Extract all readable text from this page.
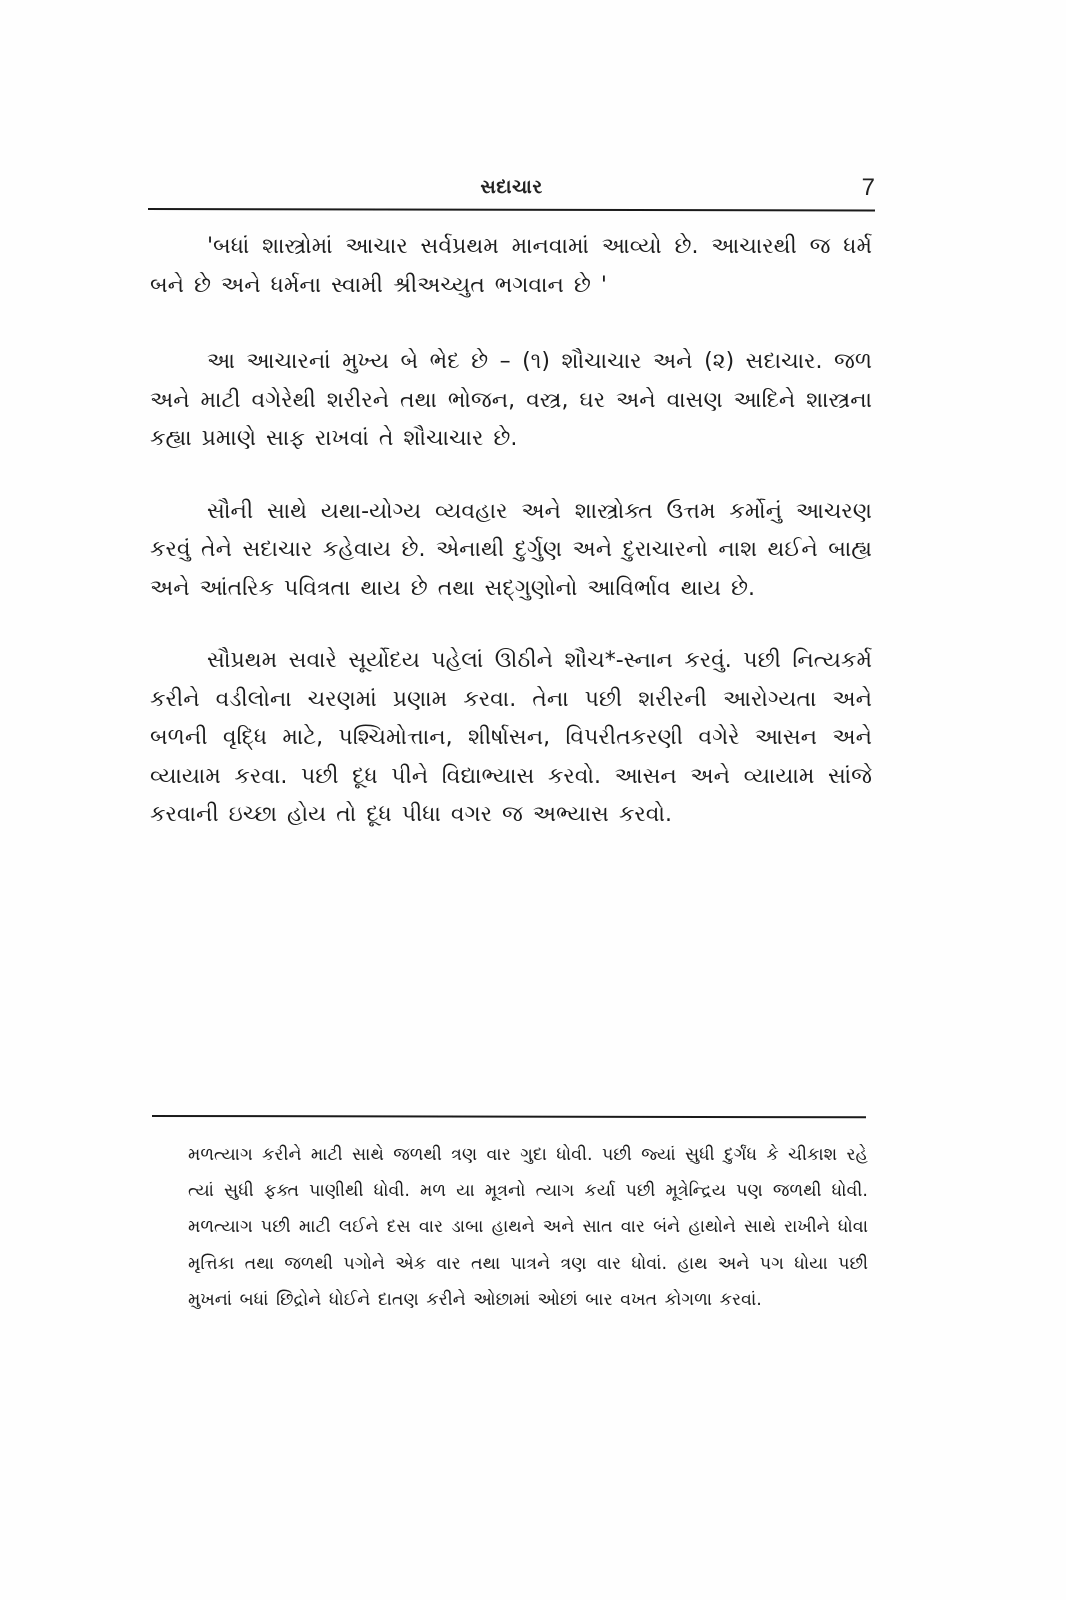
સદાચાર	7

'બધાં શાસ્ત્રોમાં આચાર સર્વપ્રથમ માનવામાં આવ્યો છે. આચારથી જ ધર્મ બને છે અને ધર્મના સ્વામી શ્રીઅચ્યુત ભગવાન છે '

આ આચારનાં મુખ્ય બે ભેદ છે – (૧) શૌચાચાર અને (૨) સદાચાર. જળ અને માટી વગેરેથી શરીરને તથા ભોજન, વસ્ત્ર, ઘર અને વાસણ આદિને શાસ્ત્રના કહ્યા પ્રમાણે સાફ રાખવાં તે શૌચાચાર છે.

સૌની સાથે યથા-યોગ્ય વ્યવહાર અને શાસ્ત્રોક્ત ઉત્તમ કર્મોનું આચરણ કરવું તેને સદાચાર કહેવાય છે. એનાથી દુર્ગુણ અને દુરાચારનો નાશ થઈને બાહ્ય અને આંતરિક પવિત્રતા થાય છે તથા સદ્‌ગુણોનો આવિર્ભાવ થાય છે.

સૌપ્રથમ સવારે સૂર્યોદય પહેલાં ઊઠીને શૌચ*-સ્નાન કરવું. પછી નિત્યકર્મ કરીને વડીલોના ચરણમાં પ્રણામ કરવા. તેના પછી શરીરની આરોગ્યતા અને બળની વૃદ્ધિ માટે, પશ્ચિમોત્તાન, શીર્ષાસન, વિપરીતકરણી વગેરે આસન અને વ્યાયામ કરવા. પછી દૂધ પીને વિદ્યાભ્યાસ કરવો. આસન અને વ્યાયામ સાંજે કરવાની ઇચ્છા હોય તો દૂધ પીધા વગર જ અભ્યાસ કરવો.

મળત્યાગ કરીને માટી સાથે જળથી ત્રણ વાર ગુદા ધોવી. પછી જ્યાં સુધી દુર્ગંધ કે ચીકાશ રહે ત્યાં સુધી ફક્ત પાણીથી ધોવી. મળ યા મૂત્રનો ત્યાગ કર્યા પછી મૂત્રેન્દ્રિય પણ જળથી ધોવી. મળત્યાગ પછી માટી લઈને દસ વાર ડાબા હાથને અને સાત વાર બંને હાથોને સાથે રાખીને ધોવા મૃત્તિકા તથા જળથી પગોને એક વાર તથા પાત્રને ત્રણ વાર ધોવાં. હાથ અને પગ ધોયા પછી મુખનાં બધાં છિદ્રોને ધોઈને દાતણ કરીને ઓછામાં ઓછાં બાર વખત કોગળા કરવાં.
